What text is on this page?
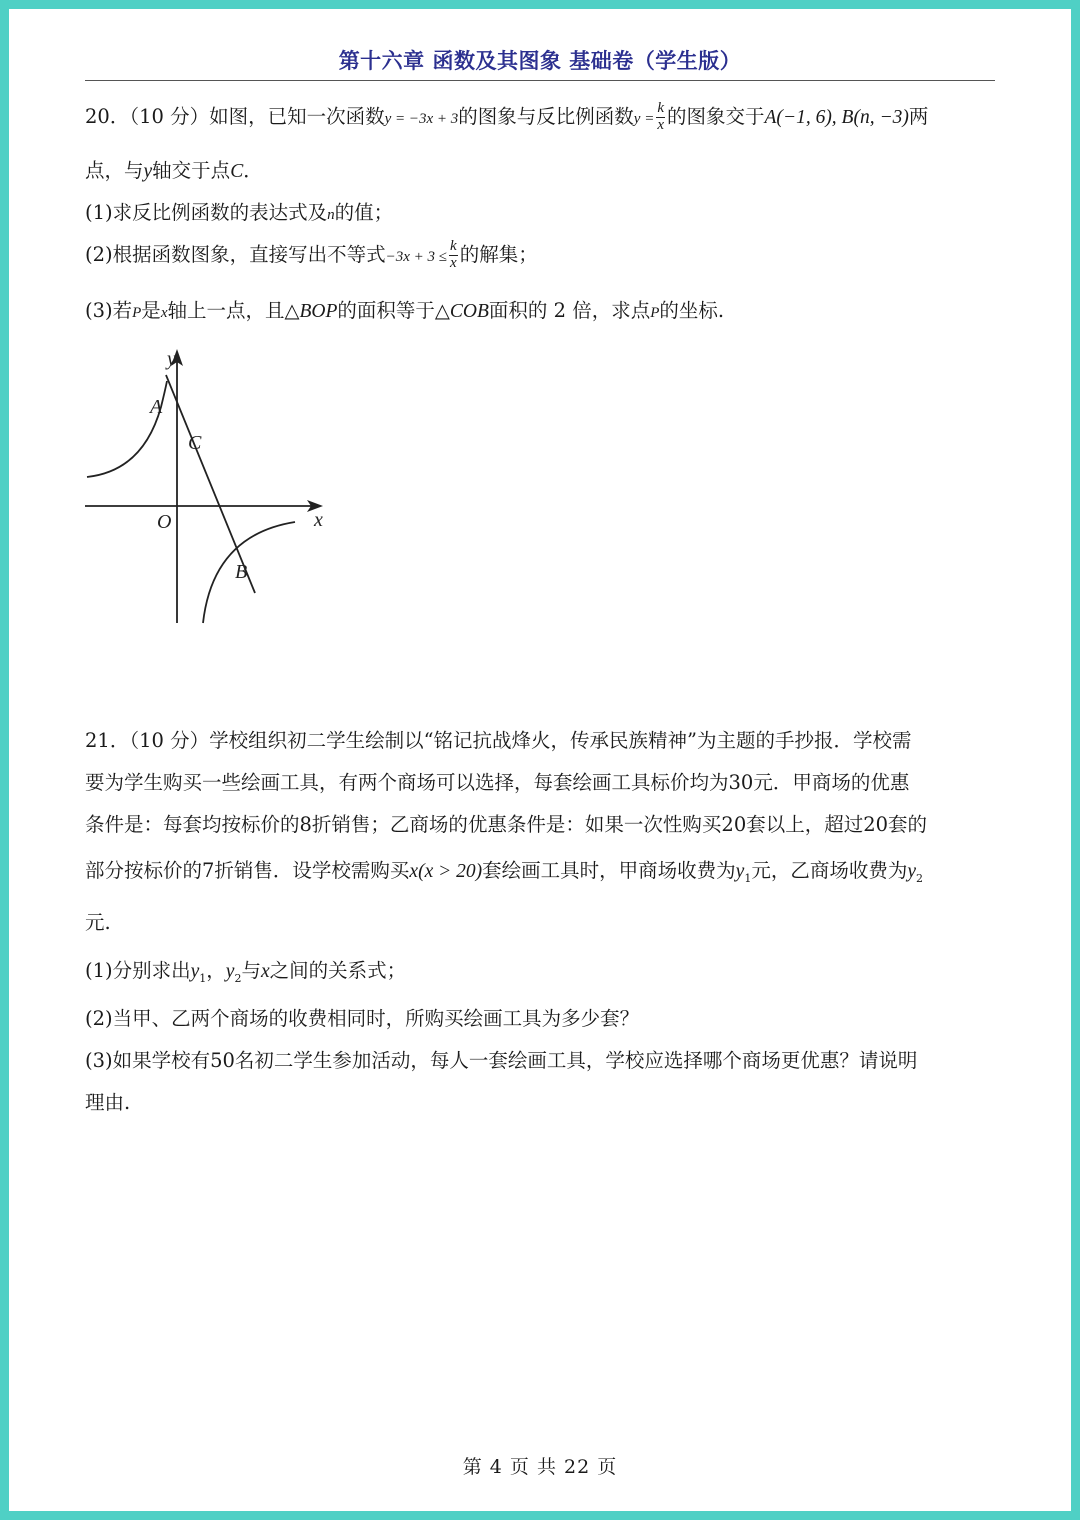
第十六章 函数及其图象 基础卷（学生版）

20．（10 分）如图，已知一次函数y = −3x + 3的图象与反比例函数$y = \frac{k}{x}$ 的图象交于A(−1, 6), B(n, −3)两

点，与y轴交于点C．

(1)求反比例函数的表达式及n的值；

(2)根据函数图象，直接写出不等式$-3x + 3 \le \frac{k}{x}$ 的解集；

(3)若P是x轴上一点，且△BOP的面积等于△COB面积的 2 倍，求点P的坐标.

21．（10 分）学校组织初二学生绘制以“铭记抗战烽火，传承民族精神”为主题的手抄报．学校需

要为学生购买一些绘画工具，有两个商场可以选择，每套绘画工具标价均为30元．甲商场的优惠

条件是：每套均按标价的8折销售；乙商场的优惠条件是：如果一次性购买20套以上，超过20套的

部分按标价的7折销售．设学校需购买x(x > 20)套绘画工具时，甲商场收费为$y_1$元，乙商场收费为$y_2$

元.

(1)分别求出$y_1$，$y_2$与x之间的关系式；

(2)当甲、乙两个商场的收费相同时，所购买绘画工具为多少套？

(3)如果学校有50名初二学生参加活动，每人一套绘画工具，学校应选择哪个商场更优惠？请说明

理由.

y
x
O
A
C
B
第 4 页 共 22 页
